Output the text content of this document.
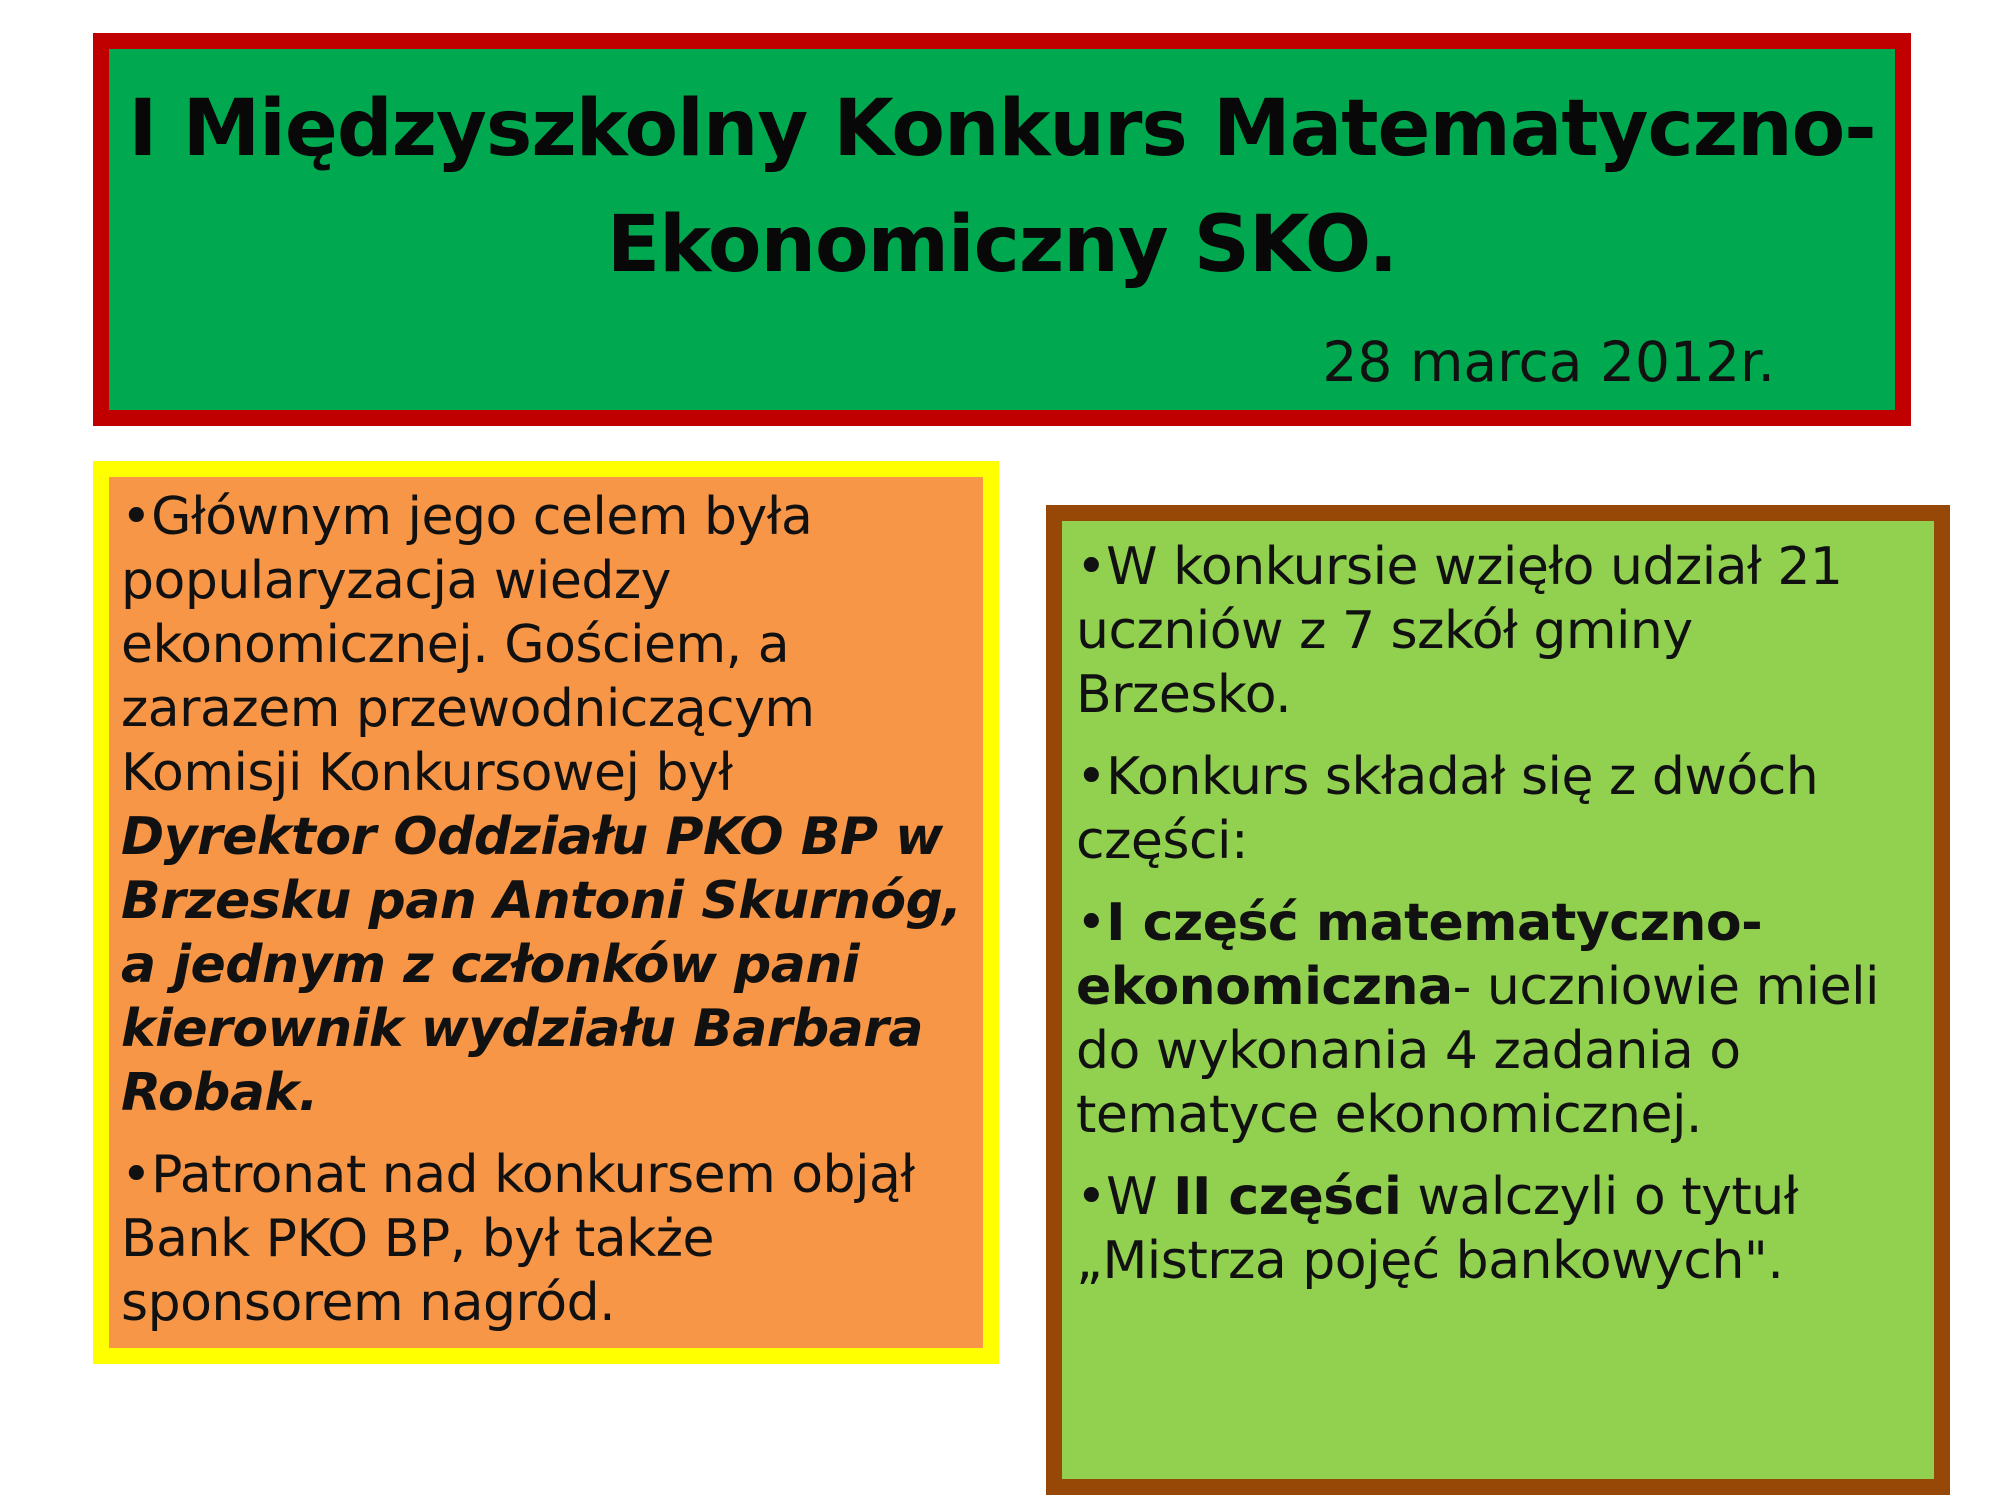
I Międzyszkolny Konkurs Matematyczno-Ekonomiczny SKO.
28 marca 2012r.

•Głównym jego celem była popularyzacja wiedzy ekonomicznej. Gościem, a zarazem przewodniczącym Komisji Konkursowej był Dyrektor Oddziału PKO BP w Brzesku pan Antoni Skurnóg, a jednym z członków pani kierownik wydziału Barbara Robak.

•Patronat nad konkursem objął Bank PKO BP, był także sponsorem nagród.

•W konkursie wzięło udział 21 uczniów z 7 szkół gminy Brzesko.

•Konkurs składał się z dwóch części:

•I część matematyczno-ekonomiczna- uczniowie mieli do wykonania 4 zadania o tematyce ekonomicznej.

•W II części walczyli o tytuł „Mistrza pojęć bankowych".
